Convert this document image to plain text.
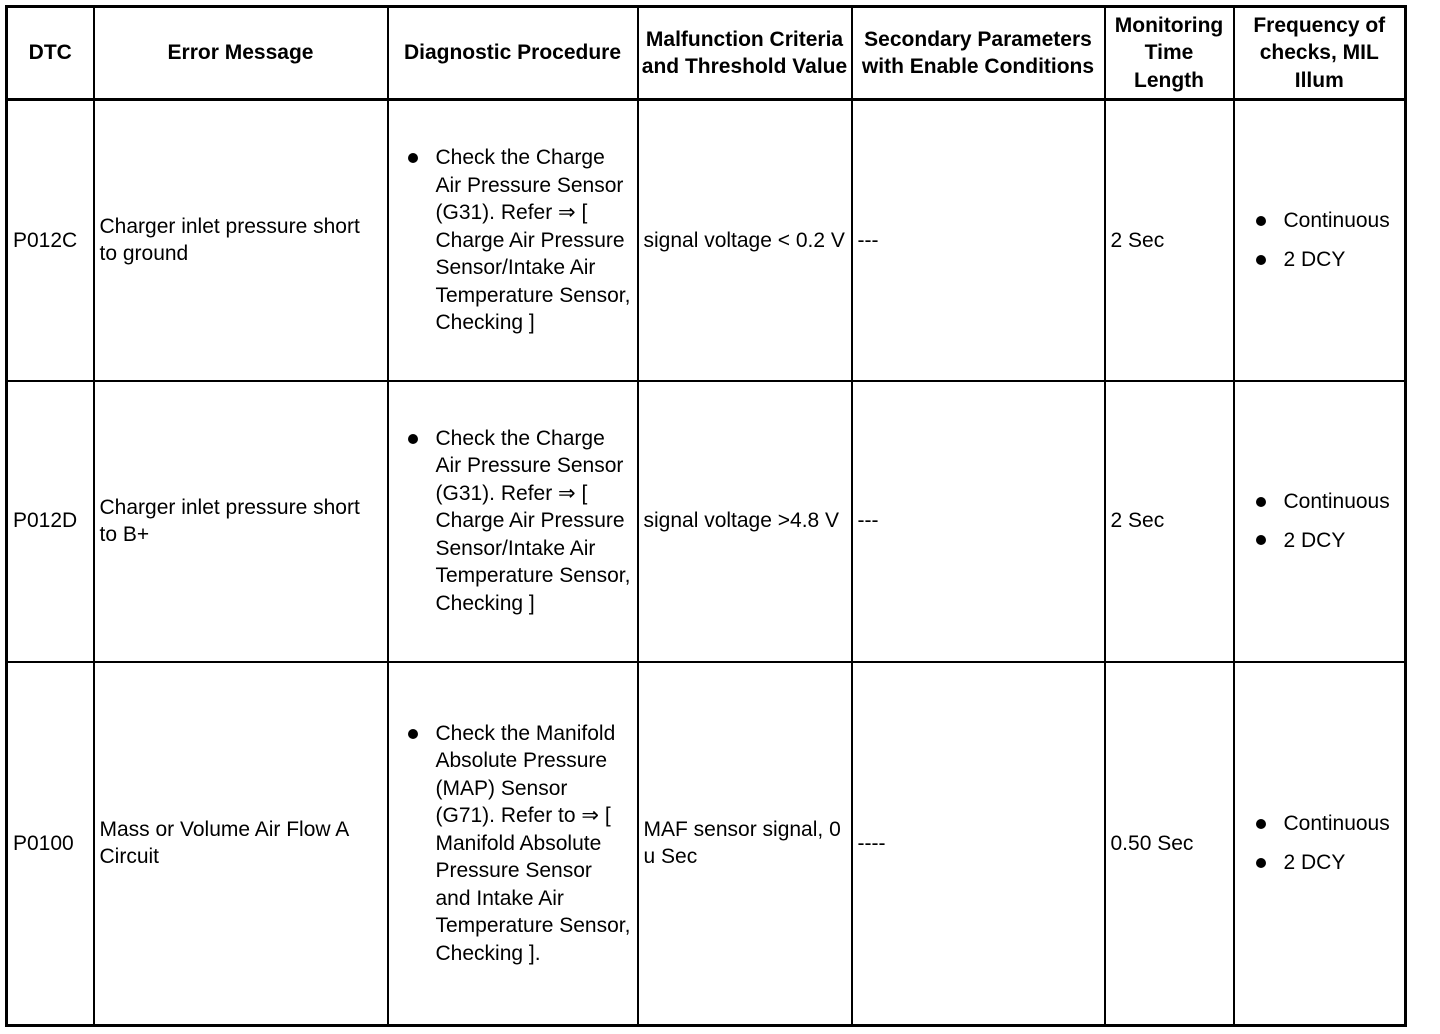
DTC	Error Message	Diagnostic Procedure	Malfunction Criteria and Threshold Value	Secondary Parameters with Enable Conditions	Monitoring Time Length	Frequency of checks, MIL Illum
P012C	Charger inlet pressure short to ground	Check the Charge Air Pressure Sensor (G31). Refer ⇒ [ Charge Air Pressure Sensor/Intake Air Temperature Sensor, Checking ]	signal voltage < 0.2 V	---	2 Sec	Continuous
2 DCY

P012D	Charger inlet pressure short to B+	Check the Charge Air Pressure Sensor (G31). Refer ⇒ [ Charge Air Pressure Sensor/Intake Air Temperature Sensor, Checking ]	signal voltage >4.8 V	---	2 Sec	Continuous
2 DCY

P0100	Mass or Volume Air Flow A Circuit	Check the Manifold Absolute Pressure (MAP) Sensor (G71). Refer to ⇒ [ Manifold Absolute Pressure Sensor and Intake Air Temperature Sensor, Checking ].	MAF sensor signal, 0 u Sec	----	0.50 Sec	Continuous
2 DCY
